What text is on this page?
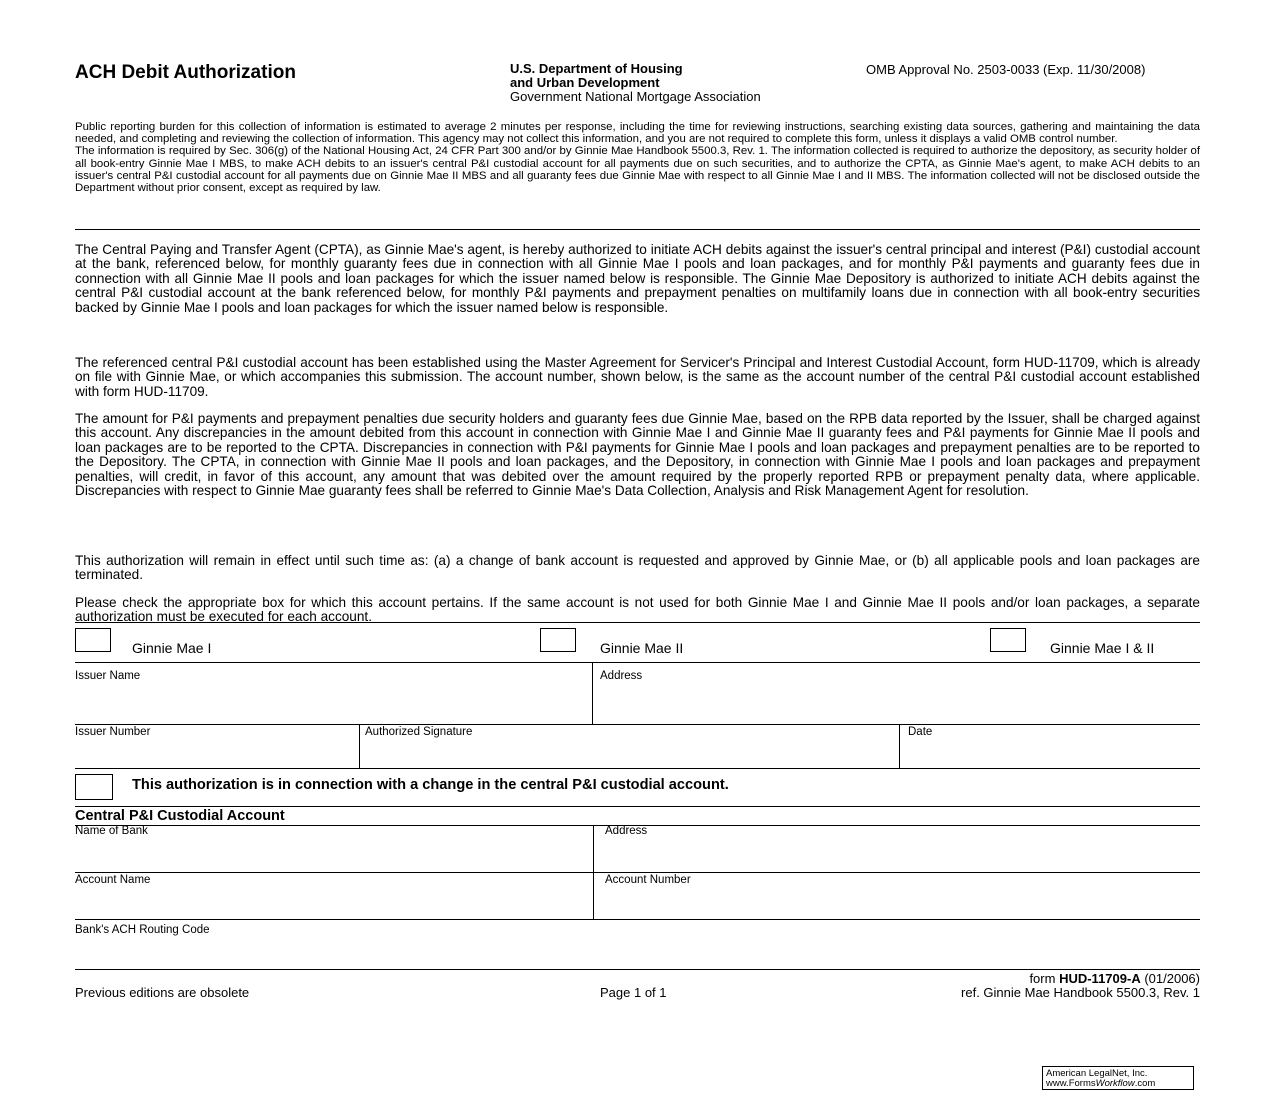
ACH Debit Authorization	U.S. Department of Housing
and Urban Development
Government National Mortgage Association
OMB Approval No. 2503-0033 (Exp. 11/30/2008)

Public reporting burden for this collection of information is estimated to average 2 minutes per response, including the time for reviewing instructions, searching existing data sources, gathering and maintaining the data needed, and completing and reviewing the collection of information. This agency may not collect this information, and you are not required to complete this form, unless it displays a valid OMB control number.

The information is required by Sec. 306(g) of the National Housing Act, 24 CFR Part 300 and/or by Ginnie Mae Handbook 5500.3, Rev. 1. The information collected is required to authorize the depository, as security holder of all book-entry Ginnie Mae I MBS, to make ACH debits to an issuer's central P&I custodial account for all payments due on such securities, and to authorize the CPTA, as Ginnie Mae's agent, to make ACH debits to an issuer's central P&I custodial account for all payments due on Ginnie Mae II MBS and all guaranty fees due Ginnie Mae with respect to all Ginnie Mae I and II MBS. The information collected will not be disclosed outside the Department without prior consent, except as required by law.

The Central Paying and Transfer Agent (CPTA), as Ginnie Mae's agent, is hereby authorized to initiate ACH debits against the issuer's central principal and interest (P&I) custodial account at the bank, referenced below, for monthly guaranty fees due in connection with all Ginnie Mae I pools and loan packages, and for monthly P&I payments and guaranty fees due in connection with all Ginnie Mae II pools and loan packages for which the issuer named below is responsible. The Ginnie Mae Depository is authorized to initiate ACH debits against the central P&I custodial account at the bank referenced below, for monthly P&I payments and prepayment penalties on multifamily loans due in connection with all book-entry securities backed by Ginnie Mae I pools and loan packages for which the issuer named below is responsible.

The referenced central P&I custodial account has been established using the Master Agreement for Servicer's Principal and Interest Custodial Account, form HUD-11709, which is already on file with Ginnie Mae, or which accompanies this submission. The account number, shown below, is the same as the account number of the central P&I custodial account established with form HUD-11709.

The amount for P&I payments and prepayment penalties due security holders and guaranty fees due Ginnie Mae, based on the RPB data reported by the Issuer, shall be charged against this account. Any discrepancies in the amount debited from this account in connection with Ginnie Mae I and Ginnie Mae II guaranty fees and P&I payments for Ginnie Mae II pools and loan packages are to be reported to the CPTA. Discrepancies in connection with P&I payments for Ginnie Mae I pools and loan packages and prepayment penalties are to be reported to the Depository. The CPTA, in connection with Ginnie Mae II pools and loan packages, and the Depository, in connection with Ginnie Mae I pools and loan packages and prepayment penalties, will credit, in favor of this account, any amount that was debited over the amount required by the properly reported RPB or prepayment penalty data, where applicable. Discrepancies with respect to Ginnie Mae guaranty fees shall be referred to Ginnie Mae's Data Collection, Analysis and Risk Management Agent for resolution.

This authorization will remain in effect until such time as: (a) a change of bank account is requested and approved by Ginnie Mae, or (b) all applicable pools and loan packages are terminated.

Please check the appropriate box for which this account pertains. If the same account is not used for both Ginnie Mae I and Ginnie Mae II pools and/or loan packages, a separate authorization must be executed for each account.

Ginnie Mae I	Ginnie Mae II	Ginnie Mae I & II
Issuer Name	Address
Issuer Number	Authorized Signature	Date
This authorization is in connection with a change in the central P&I custodial account.
Central P&I Custodial Account
Name of Bank	Address
Account Name	Account Number
Bank's ACH Routing Code
Previous editions are obsolete	Page 1 of 1
form HUD-11709-A (01/2006)
ref. Ginnie Mae Handbook 5500.3, Rev. 1
American LegalNet, Inc.
www.FormsWorkflow.com
